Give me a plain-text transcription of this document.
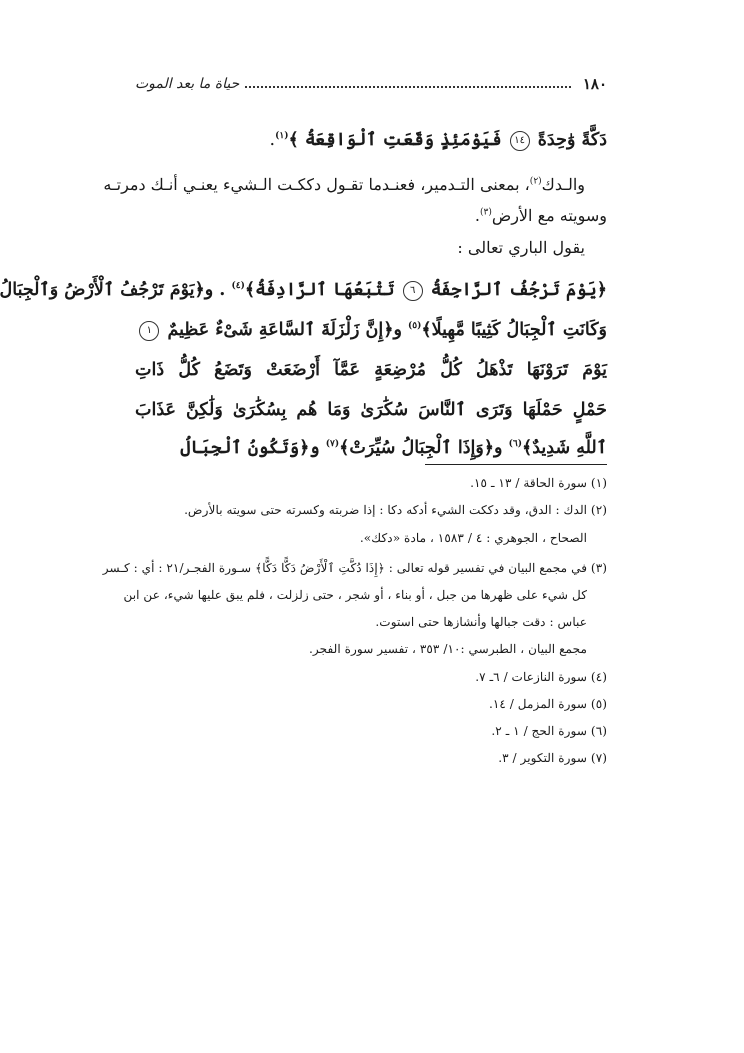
١٨٠
حياة ما بعد الموت
دَكَّةً وَٰحِدَةً ١٤ فَيَوْمَئِذٍ وَقَعَتِ ٱلْوَاقِعَةُ ﴾$^{(١)}$.
والـدك$^{(٢)}$، بمعنى التـدمير، فعنـدما تقـول دككـت الـشيء يعنـي أنـك دمرتـه
وسويته مع الأرض$^{(٣)}$.
يقول الباري تعالى :
﴿يَوْمَ تَرْجُفُ ٱلرَّاجِفَةُ ٦ تَتْبَعُهَا ٱلرَّادِفَةُ﴾$^{(٤)}$ . و﴿يَوْمَ تَرْجُفُ ٱلْأَرْضُ وَٱلْجِبَالُ
وَكَانَتِ ٱلْجِبَالُ كَثِيبًا مَّهِيلًا﴾$^{(٥)}$ و﴿إِنَّ زَلْزَلَةَ ٱلسَّاعَةِ شَىْءٌ عَظِيمٌ ١
يَوْمَ تَرَوْنَهَا تَذْهَلُ كُلُّ مُرْضِعَةٍ عَمَّآ أَرْضَعَتْ وَتَضَعُ كُلُّ ذَاتِ
حَمْلٍ حَمْلَهَا وَتَرَى ٱلنَّاسَ سُكَٰرَىٰ وَمَا هُم بِسُكَٰرَىٰ وَلَٰكِنَّ عَذَابَ
ٱللَّهِ شَدِيدٌ﴾$^{(٦)}$ و﴿وَإِذَا ٱلْجِبَالُ سُيِّرَتْ﴾$^{(٧)}$ و﴿وَتَكُونُ ٱلْجِبَالُ
(١) سورة الحاقة / ١٣ ـ ١٥.
(٢) الدك : الدق، وقد دككت الشيء أدكه دكا : إذا ضربته وكسرته حتى سويته بالأرض.
الصحاح ، الجوهري : ٤ / ١٥٨٣ ، مادة «دكك».
(٣) في مجمع البيان في تفسير قوله تعالى : ﴿إِذَا دُكَّتِ ٱلْأَرْضُ دَكًّا دَكًّا﴾ سـورة الفجـر/٢١ : أي : كـسر
كل شيء على ظهرها من جبل ، أو بناء ، أو شجر ، حتى زلزلت ، فلم يبق عليها شيء، عن ابن
عباس : دقت جبالها وأنشازها حتى استوت.
مجمع البيان ، الطبرسي :١٠/ ٣٥٣ ، تفسير سورة الفجر.
(٤) سورة النازعات / ٦ـ ٧.
(٥) سورة المزمل / ١٤.
(٦) سورة الحج / ١ ـ ٢.
(٧) سورة التكوير / ٣.
